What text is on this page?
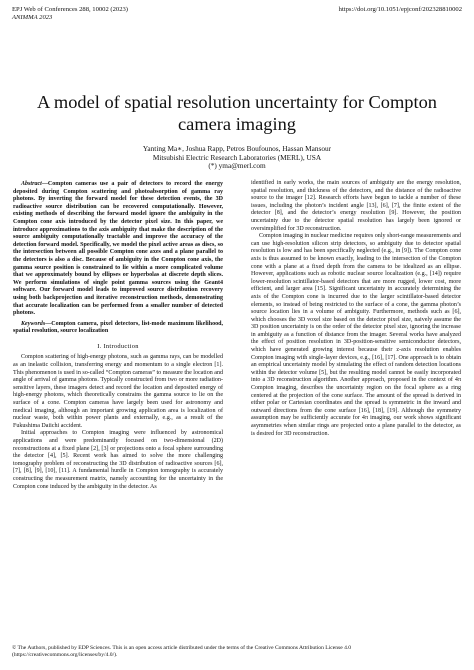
EPJ Web of Conferences 288, 10002 (2023)	https://doi.org/10.1051/epjconf/202328810002
ANIMMA 2023
A model of spatial resolution uncertainty for Compton camera imaging
Yanting Ma∗, Joshua Rapp, Petros Boufounos, Hassan Mansour
Mitsubishi Electric Research Laboratories (MERL), USA
(*) yma@merl.com

Abstract—Compton cameras use a pair of detectors to record the energy deposited during Compton scattering and photoabsorption of gamma ray photons. By inverting the forward model for these detection events, the 3D radioactive source distribution can be recovered computationally. However, existing methods of describing the forward model ignore the ambiguity in the Compton cone axis introduced by the detector pixel size. In this paper, we introduce approximations to the axis ambiguity that make the description of the source ambiguity computationally tractable and improve the accuracy of the detection forward model. Specifically, we model the pixel active areas as discs, so the intersection between all possible Compton cone axes and a plane parallel to the detectors is also a disc. Because of ambiguity in the Compton cone axis, the gamma source position is constrained to lie within a more complicated volume that we approximately bound by ellipses or hyperbolas at discrete depth slices. We perform simulations of single point gamma sources using the Geant4 software. Our forward model leads to improved source distribution recovery using both backprojection and iterative reconstruction methods, demonstrating that accurate localization can be performed from a smaller number of detected photons.

Keywords—Compton camera, pixel detectors, list-mode maximum likelihood, spatial resolution, source localization

I. Introduction

Compton scattering of high-energy photons, such as gamma rays, can be modelled as an inelastic collision, transferring energy and momentum to a single electron [1]. This phenomenon is used in so-called “Compton cameras” to measure the location and angle of arrival of gamma photons. Typically constructed from two or more radiation-sensitive layers, these imagers detect and record the location and deposited energy of high-energy photons, which theoretically constrains the gamma source to lie on the surface of a cone. Compton cameras have largely been used for astronomy and medical imaging, although an important growing application area is localization of nuclear waste, both within power plants and externally, e.g., as a result of the Fukushima Daiichi accident.

Initial approaches to Compton imaging were influenced by astronomical applications and were predominantly focused on two-dimensional (2D) reconstructions at a fixed plane [2], [3] or projections onto a focal sphere surrounding the detector [4], [5]. Recent work has aimed to solve the more challenging tomography problem of reconstructing the 3D distribution of radioactive sources [6], [7], [8], [9], [10], [11]. A fundamental hurdle in Compton tomography is accurately constructing the measurement matrix, namely accounting for the uncertainty in the Compton cone induced by the ambiguity in the detector. As

identified in early works, the main sources of ambiguity are the energy resolution, spatial resolution, and thickness of the detectors, and the distance of the radioactive source to the imager [12]. Research efforts have begun to tackle a number of these issues, including the photon’s incident angle [13], [6], [7], the finite extent of the detector [8], and the detector’s energy resolution [9]. However, the position uncertainty due to the detector spatial resolution has largely been ignored or oversimplified for 3D reconstruction.

Compton imaging in nuclear medicine requires only short-range measurements and can use high-resolution silicon strip detectors, so ambiguity due to detector spatial resolution is low and has been specifically neglected (e.g., in [9]). The Compton cone axis is thus assumed to be known exactly, leading to the intersection of the Compton cone with a plane at a fixed depth from the camera to be idealized as an ellipse. However, applications such as robotic nuclear source localization (e.g., [14]) require lower-resolution scintillator-based detectors that are more rugged, lower cost, more efficient, and larger area [15]. Significant uncertainty in accurately determining the axis of the Compton cone is incurred due to the larger scintillator-based detector elements, so instead of being restricted to the surface of a cone, the gamma photon’s source location lies in a volume of ambiguity. Furthermore, methods such as [6], which chooses the 3D voxel size based on the detector pixel size, naively assume the 3D position uncertainty is on the order of the detector pixel size, ignoring the increase in ambiguity as a function of distance from the imager. Several works have analyzed the effect of position resolution in 3D-position-sensitive semiconductor detectors, which have generated growing interest because their z-axis resolution enables Compton imaging with single-layer devices, e.g., [16], [17]. One approach is to obtain an empirical uncertainty model by simulating the effect of random detection locations within the detector volume [5], but the resulting model cannot be easily incorporated into a 3D reconstruction algorithm. Another approach, proposed in the context of 4π Compton imaging, describes the uncertainty region on the focal sphere as a ring centered at the projection of the cone surface. The amount of the spread is derived in either polar or Cartesian coordinates and the spread is symmetric in the inward and outward directions from the cone surface [16], [18], [19]. Although the symmetry assumption may be sufficiently accurate for 4π imaging, our work shows significant asymmetries when similar rings are projected onto a plane parallel to the detector, as is desired for 3D reconstruction.

© The Authors, published by EDP Sciences. This is an open access article distributed under the terms of the Creative Commons Attribution License 4.0
(https://creativecommons.org/licenses/by/4.0/).
